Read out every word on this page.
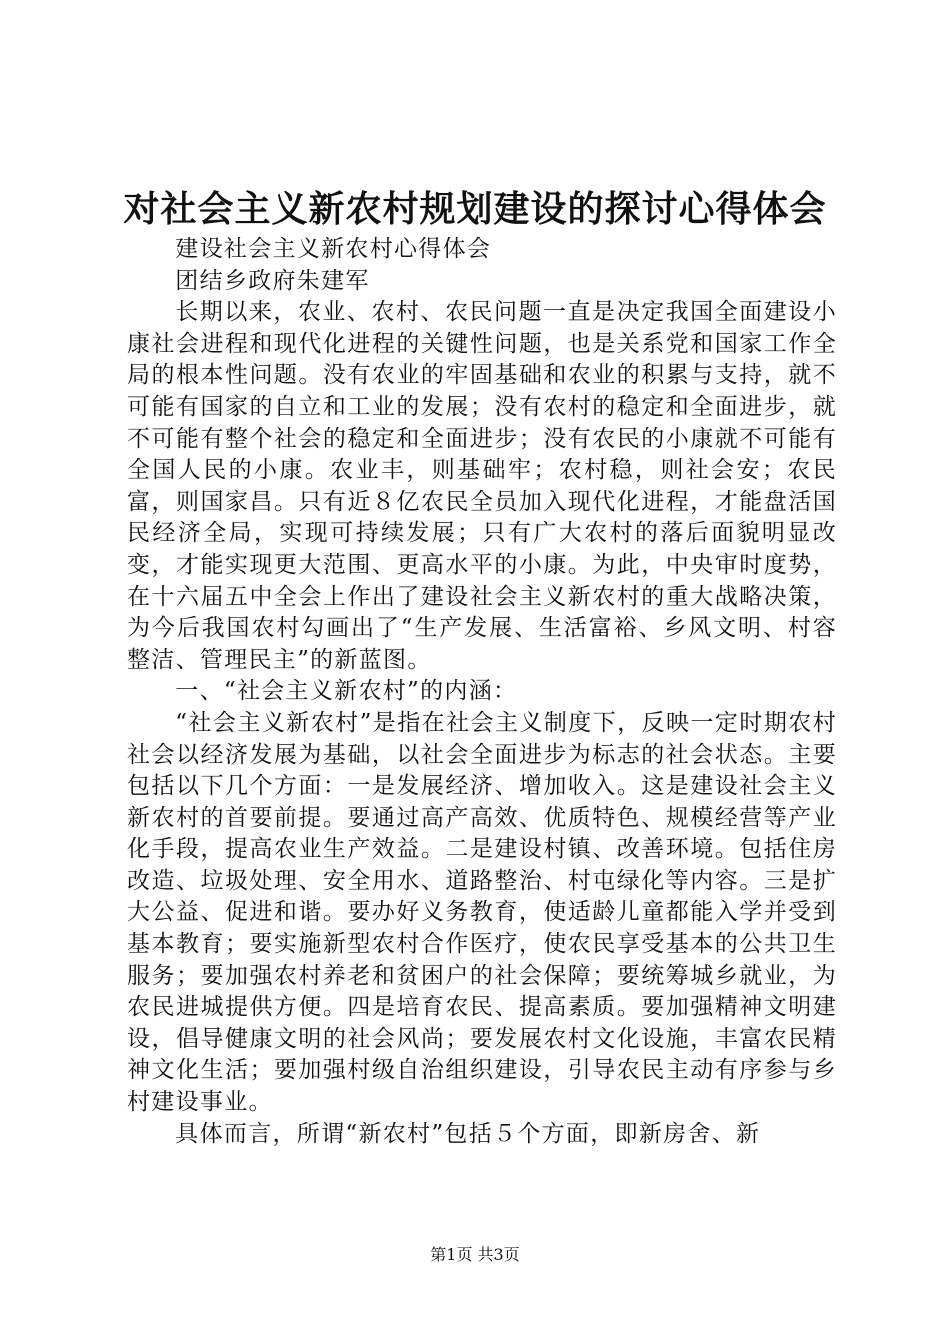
对社会主义新农村规划建设的探讨心得体会

建设社会主义新农村心得体会

团结乡政府朱建军

长期以来，农业、农村、农民问题一直是决定我国全面建设小康社会进程和现代化进程的关键性问题，也是关系党和国家工作全局的根本性问题。没有农业的牢固基础和农业的积累与支持，就不可能有国家的自立和工业的发展；没有农村的稳定和全面进步，就不可能有整个社会的稳定和全面进步；没有农民的小康就不可能有全国人民的小康。农业丰，则基础牢；农村稳，则社会安；农民富，则国家昌。只有近８亿农民全员加入现代化进程，才能盘活国民经济全局，实现可持续发展；只有广大农村的落后面貌明显改变，才能实现更大范围、更高水平的小康。为此，中央审时度势，在十六届五中全会上作出了建设社会主义新农村的重大战略决策，为今后我国农村勾画出了“生产发展、生活富裕、乡风文明、村容整洁、管理民主”的新蓝图。

一、“社会主义新农村”的内涵：

“社会主义新农村”是指在社会主义制度下，反映一定时期农村社会以经济发展为基础，以社会全面进步为标志的社会状态。主要包括以下几个方面：一是发展经济、增加收入。这是建设社会主义新农村的首要前提。要通过高产高效、优质特色、规模经营等产业化手段，提高农业生产效益。二是建设村镇、改善环境。包括住房改造、垃圾处理、安全用水、道路整治、村屯绿化等内容。三是扩大公益、促进和谐。要办好义务教育，使适龄儿童都能入学并受到基本教育；要实施新型农村合作医疗，使农民享受基本的公共卫生服务；要加强农村养老和贫困户的社会保障；要统筹城乡就业，为农民进城提供方便。四是培育农民、提高素质。要加强精神文明建设，倡导健康文明的社会风尚；要发展农村文化设施，丰富农民精神文化生活；要加强村级自治组织建设，引导农民主动有序参与乡村建设事业。

具体而言，所谓“新农村”包括５个方面，即新房舍、新

第1页 共3页
